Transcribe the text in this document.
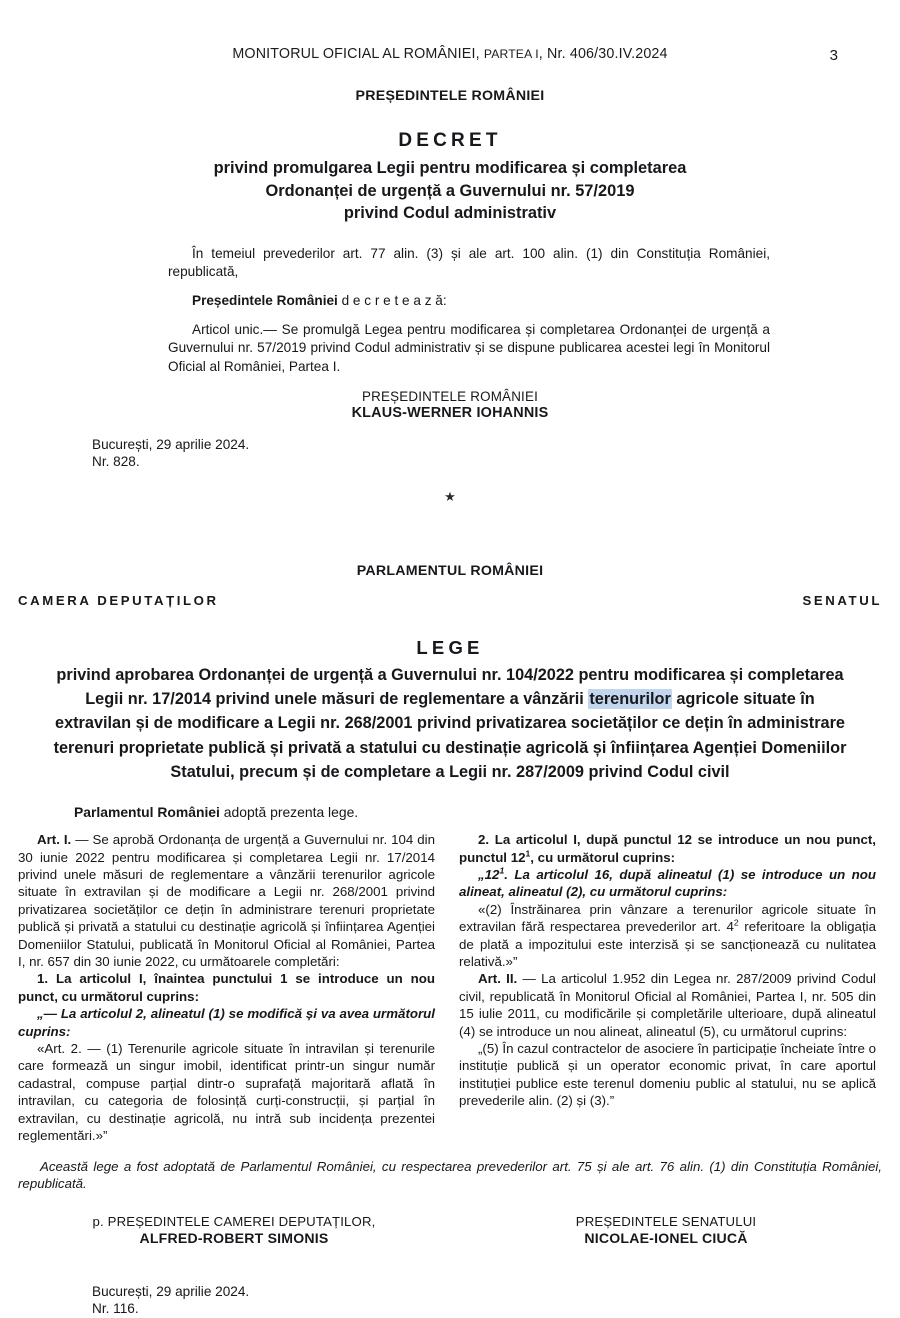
MONITORUL OFICIAL AL ROMÂNIEI, PARTEA I, Nr. 406/30.IV.2024	3
PREȘEDINTELE ROMÂNIEI
DECRET
privind promulgarea Legii pentru modificarea și completarea
Ordonanței de urgență a Guvernului nr. 57/2019
privind Codul administrativ

În temeiul prevederilor art. 77 alin. (3) și ale art. 100 alin. (1) din Constituția României, republicată,

Președintele României d e c r e t e a z ă:

Articol unic.— Se promulgă Legea pentru modificarea și completarea Ordonanței de urgență a Guvernului nr. 57/2019 privind Codul administrativ și se dispune publicarea acestei legi în Monitorul Oficial al României, Partea I.

PREȘEDINTELE ROMÂNIEI
KLAUS-WERNER IOHANNIS
București, 29 aprilie 2024.
Nr. 828.
★
PARLAMENTUL ROMÂNIEI
CAMERA DEPUTAȚILOR	SENATUL
LEGE
privind aprobarea Ordonanței de urgență a Guvernului nr. 104/2022 pentru modificarea și completarea Legii nr. 17/2014 privind unele măsuri de reglementare a vânzării terenurilor agricole situate în extravilan și de modificare a Legii nr. 268/2001 privind privatizarea societăților ce dețin în administrare terenuri proprietate publică și privată a statului cu destinație agricolă și înființarea Agenției Domeniilor Statului, precum și de completare a Legii nr. 287/2009 privind Codul civil
Parlamentul României adoptă prezenta lege.

Art. I. — Se aprobă Ordonanța de urgență a Guvernului nr. 104 din 30 iunie 2022 pentru modificarea și completarea Legii nr. 17/2014 privind unele măsuri de reglementare a vânzării terenurilor agricole situate în extravilan și de modificare a Legii nr. 268/2001 privind privatizarea societăților ce dețin în administrare terenuri proprietate publică și privată a statului cu destinație agricolă și înființarea Agenției Domeniilor Statului, publicată în Monitorul Oficial al României, Partea I, nr. 657 din 30 iunie 2022, cu următoarele completări:

1. La articolul I, înaintea punctului 1 se introduce un nou punct, cu următorul cuprins:

„— La articolul 2, alineatul (1) se modifică și va avea următorul cuprins:

«Art. 2. — (1) Terenurile agricole situate în intravilan și terenurile care formează un singur imobil, identificat printr-un singur număr cadastral, compuse parțial dintr-o suprafață majoritară aflată în intravilan, cu categoria de folosință curți-construcții, și parțial în extravilan, cu destinație agricolă, nu intră sub incidența prezentei reglementări.»”

2. La articolul I, după punctul 12 se introduce un nou punct, punctul $12^1$, cu următorul cuprins:

$„12^1$. La articolul 16, după alineatul (1) se introduce un nou alineat, alineatul (2), cu următorul cuprins:

«(2) Înstrăinarea prin vânzare a terenurilor agricole situate în extravilan fără respectarea prevederilor art. $4^2$ referitoare la obligația de plată a impozitului este interzisă și se sancționează cu nulitatea relativă.»”

Art. II. — La articolul 1.952 din Legea nr. 287/2009 privind Codul civil, republicată în Monitorul Oficial al României, Partea I, nr. 505 din 15 iulie 2011, cu modificările și completările ulterioare, după alineatul (4) se introduce un nou alineat, alineatul (5), cu următorul cuprins:

„(5) În cazul contractelor de asociere în participație încheiate între o instituție publică și un operator economic privat, în care aportul instituției publice este terenul domeniu public al statului, nu se aplică prevederile alin. (2) și (3).”

Această lege a fost adoptată de Parlamentul României, cu respectarea prevederilor art. 75 și ale art. 76 alin. (1) din Constituția României, republicată.

p. PREȘEDINTELE CAMEREI DEPUTAȚILOR,
ALFRED-ROBERT SIMONIS
PREȘEDINTELE SENATULUI
NICOLAE-IONEL CIUCĂ
București, 29 aprilie 2024.
Nr. 116.
